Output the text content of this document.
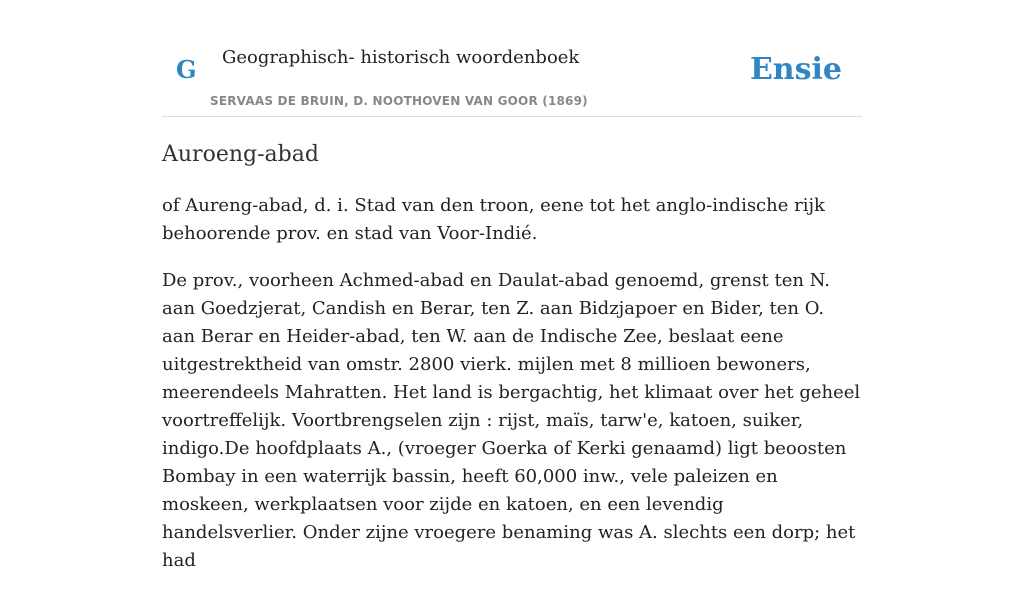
G Geographisch- historisch woordenboek
SERVAAS DE BRUIN, D. NOOTHOVEN VAN GOOR (1869)
Ensie
Auroeng-abad

of Aureng-abad, d. i. Stad van den troon, eene tot het anglo-indische rijk behoorende prov. en stad van Voor-Indié.

De prov., voorheen Achmed-abad en Daulat-abad genoemd, grenst ten N. aan Goedzjerat, Candish en Berar, ten Z. aan Bidzjapoer en Bider, ten O. aan Berar en Heider-abad, ten W. aan de Indische Zee, beslaat eene uitgestrektheid van omstr. 2800 vierk. mijlen met 8 millioen bewoners, meerendeels Mahratten. Het land is bergachtig, het klimaat over het geheel voortreffelijk. Voortbrengselen zijn : rijst, maïs, tarw'e, katoen, suiker, indigo.De hoofdplaats A., (vroeger Goerka of Kerki genaamd) ligt beoosten Bombay in een waterrijk bassin, heeft 60,000 inw., vele paleizen en moskeen, werkplaatsen voor zijde en katoen, en een levendig handelsverlier. Onder zijne vroegere benaming was A. slechts een dorp; het had
